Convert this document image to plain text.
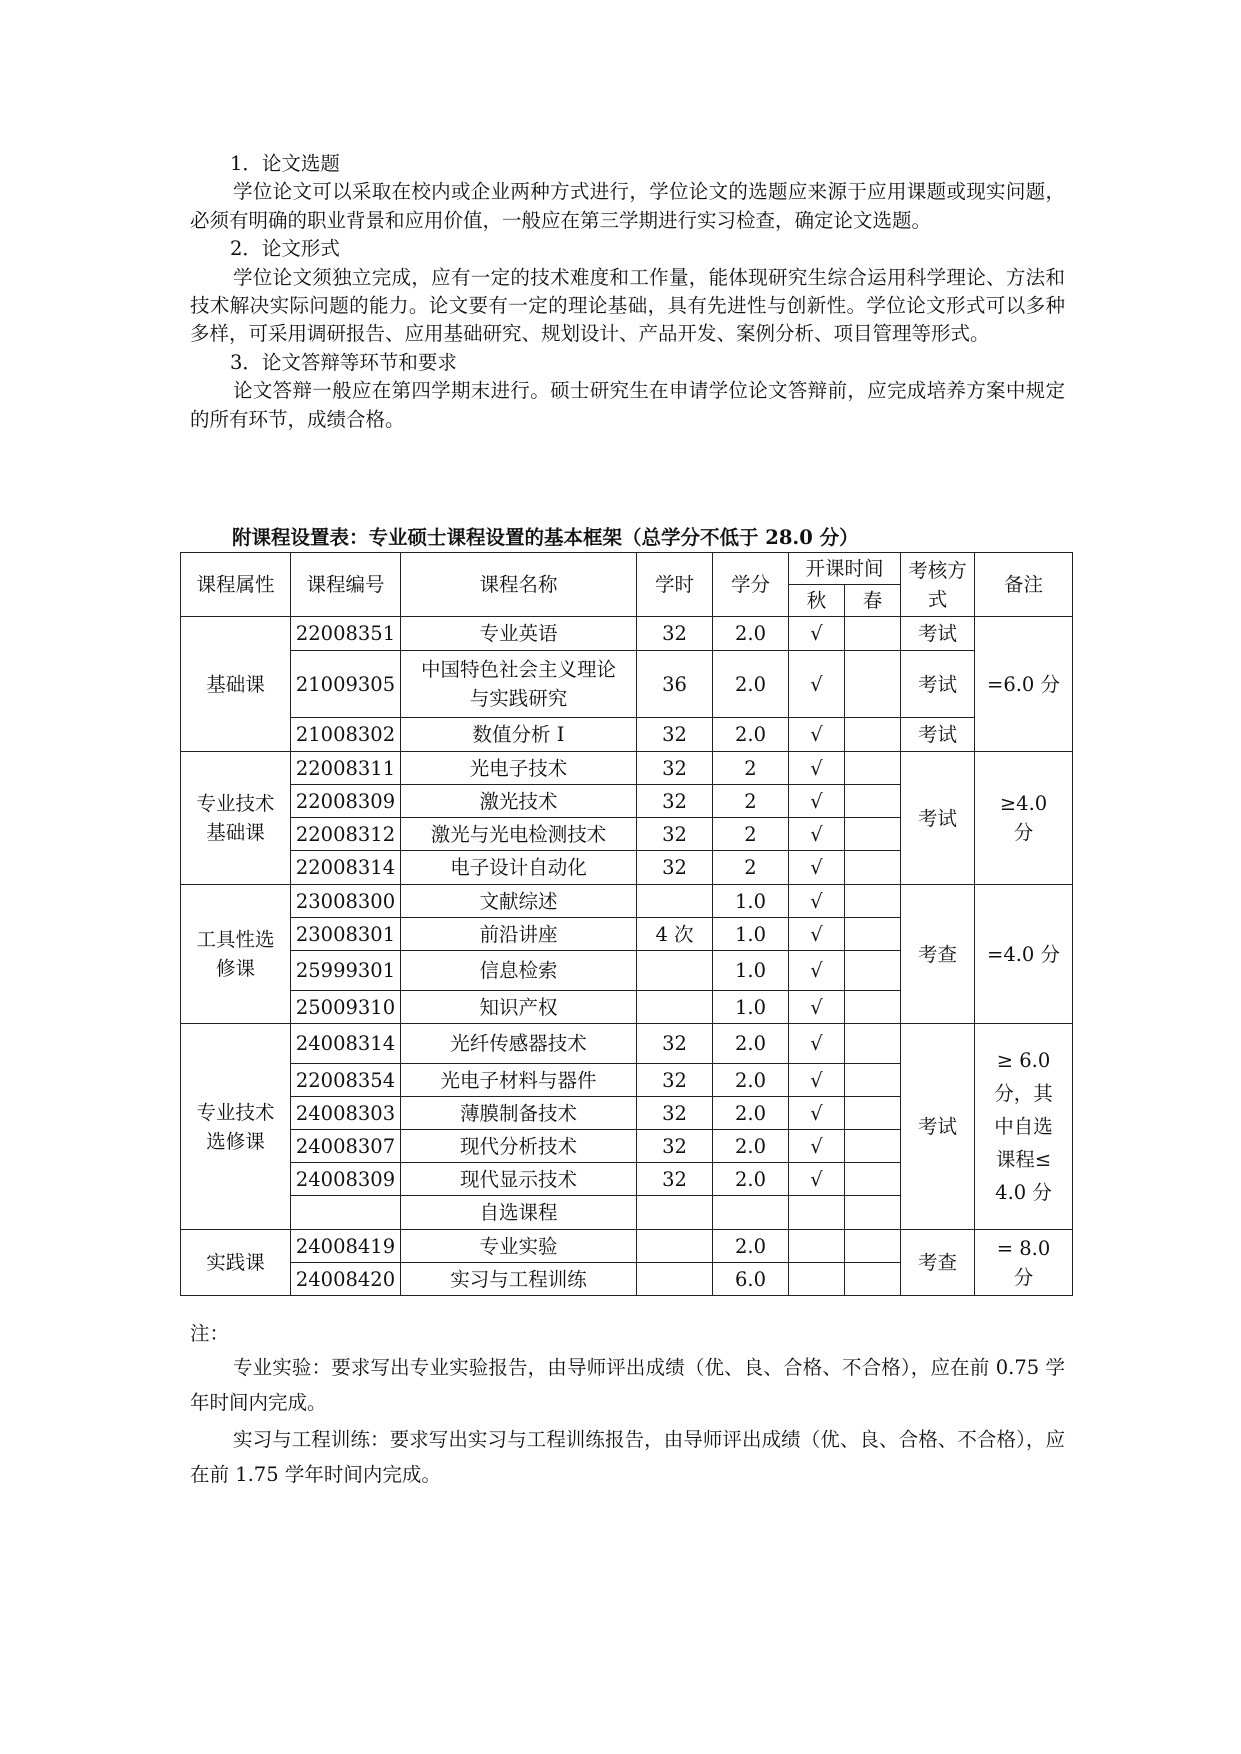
1．论文选题

学位论文可以采取在校内或企业两种方式进行，学位论文的选题应来源于应用课题或现实问题，必须有明确的职业背景和应用价值，一般应在第三学期进行实习检查，确定论文选题。

2．论文形式

学位论文须独立完成，应有一定的技术难度和工作量，能体现研究生综合运用科学理论、方法和技术解决实际问题的能力。论文要有一定的理论基础，具有先进性与创新性。学位论文形式可以多种多样，可采用调研报告、应用基础研究、规划设计、产品开发、案例分析、项目管理等形式。

3．论文答辩等环节和要求

论文答辩一般应在第四学期末进行。硕士研究生在申请学位论文答辩前，应完成培养方案中规定的所有环节，成绩合格。

附课程设置表：专业硕士课程设置的基本框架（总学分不低于 28.0 分）
课程属性	课程编号	课程名称	学时	学分	开课时间		考核方式	备注
					秋	春		
基础课	22008351	专业英语	32	2.0	√		考试	=6.0 分
	21009305	中国特色社会主义理论与实践研究	36	2.0	√		考试	
	21008302	数值分析 I	32	2.0	√		考试	
专业技术基础课	22008311	光电子技术	32	2	√		考试	≥4.0 分
	22008309	激光技术	32	2	√			
	22008312	激光与光电检测技术	32	2	√			
	22008314	电子设计自动化	32	2	√			
工具性选修课	23008300	文献综述		1.0	√		考查	=4.0 分
	23008301	前沿讲座	4 次	1.0	√			
	25999301	信息检索		1.0	√			
	25009310	知识产权		1.0	√			
专业技术选修课	24008314	光纤传感器技术	32	2.0	√		考试	≥ 6.0 分，其中自选课程≤ 4.0 分
	22008354	光电子材料与器件	32	2.0	√			
	24008303	薄膜制备技术	32	2.0	√			
	24008307	现代分析技术	32	2.0	√			
	24008309	现代显示技术	32	2.0	√			
		自选课程						
实践课	24008419	专业实验		2.0			考查	= 8.0 分
	24008420	实习与工程训练		6.0				
注：

专业实验：要求写出专业实验报告，由导师评出成绩（优、良、合格、不合格），应在前 0.75 学年时间内完成。

实习与工程训练：要求写出实习与工程训练报告，由导师评出成绩（优、良、合格、不合格），应在前 1.75 学年时间内完成。
